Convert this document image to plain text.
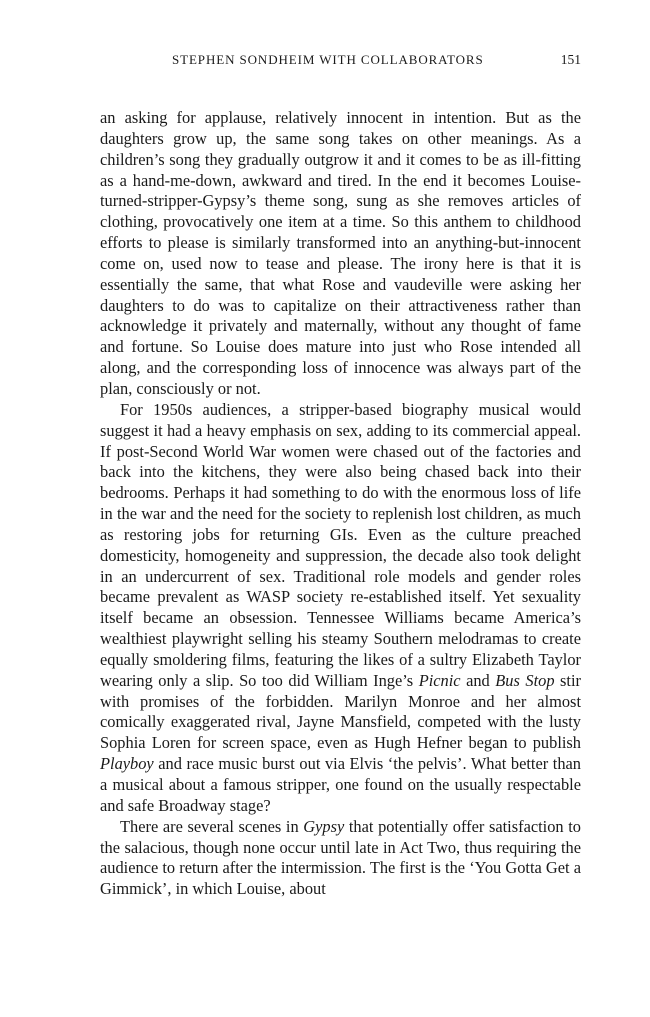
STEPHEN SONDHEIM WITH COLLABORATORS	151

an asking for applause, relatively innocent in intention. But as the daughters grow up, the same song takes on other meanings. As a children’s song they gradually outgrow it and it comes to be as ill-fitting as a hand-me-down, awkward and tired. In the end it becomes Louise-turned-stripper-Gypsy’s theme song, sung as she removes articles of clothing, provocatively one item at a time. So this anthem to childhood efforts to please is similarly transformed into an anything-but-innocent come on, used now to tease and please. The irony here is that it is essentially the same, that what Rose and vaudeville were asking her daughters to do was to capitalize on their attractiveness rather than acknowledge it privately and maternally, without any thought of fame and fortune. So Louise does mature into just who Rose intended all along, and the corresponding loss of innocence was always part of the plan, consciously or not.

For 1950s audiences, a stripper-based biography musical would suggest it had a heavy emphasis on sex, adding to its commercial appeal. If post-Second World War women were chased out of the factories and back into the kitchens, they were also being chased back into their bedrooms. Perhaps it had something to do with the enormous loss of life in the war and the need for the society to replenish lost children, as much as restoring jobs for returning GIs. Even as the culture preached domesticity, homogeneity and suppression, the decade also took delight in an undercurrent of sex. Traditional role models and gender roles became prevalent as WASP society re-established itself. Yet sexuality itself became an obsession. Tennessee Williams became America’s wealthiest playwright selling his steamy Southern melodramas to create equally smoldering films, featuring the likes of a sultry Elizabeth Taylor wearing only a slip. So too did William Inge’s Picnic and Bus Stop stir with promises of the forbidden. Marilyn Monroe and her almost comically exaggerated rival, Jayne Mansfield, competed with the lusty Sophia Loren for screen space, even as Hugh Hefner began to publish Playboy and race music burst out via Elvis ‘the pelvis’. What better than a musical about a famous stripper, one found on the usually respectable and safe Broadway stage?

There are several scenes in Gypsy that potentially offer satisfaction to the salacious, though none occur until late in Act Two, thus requiring the audience to return after the intermission. The first is the ‘You Gotta Get a Gimmick’, in which Louise, about
